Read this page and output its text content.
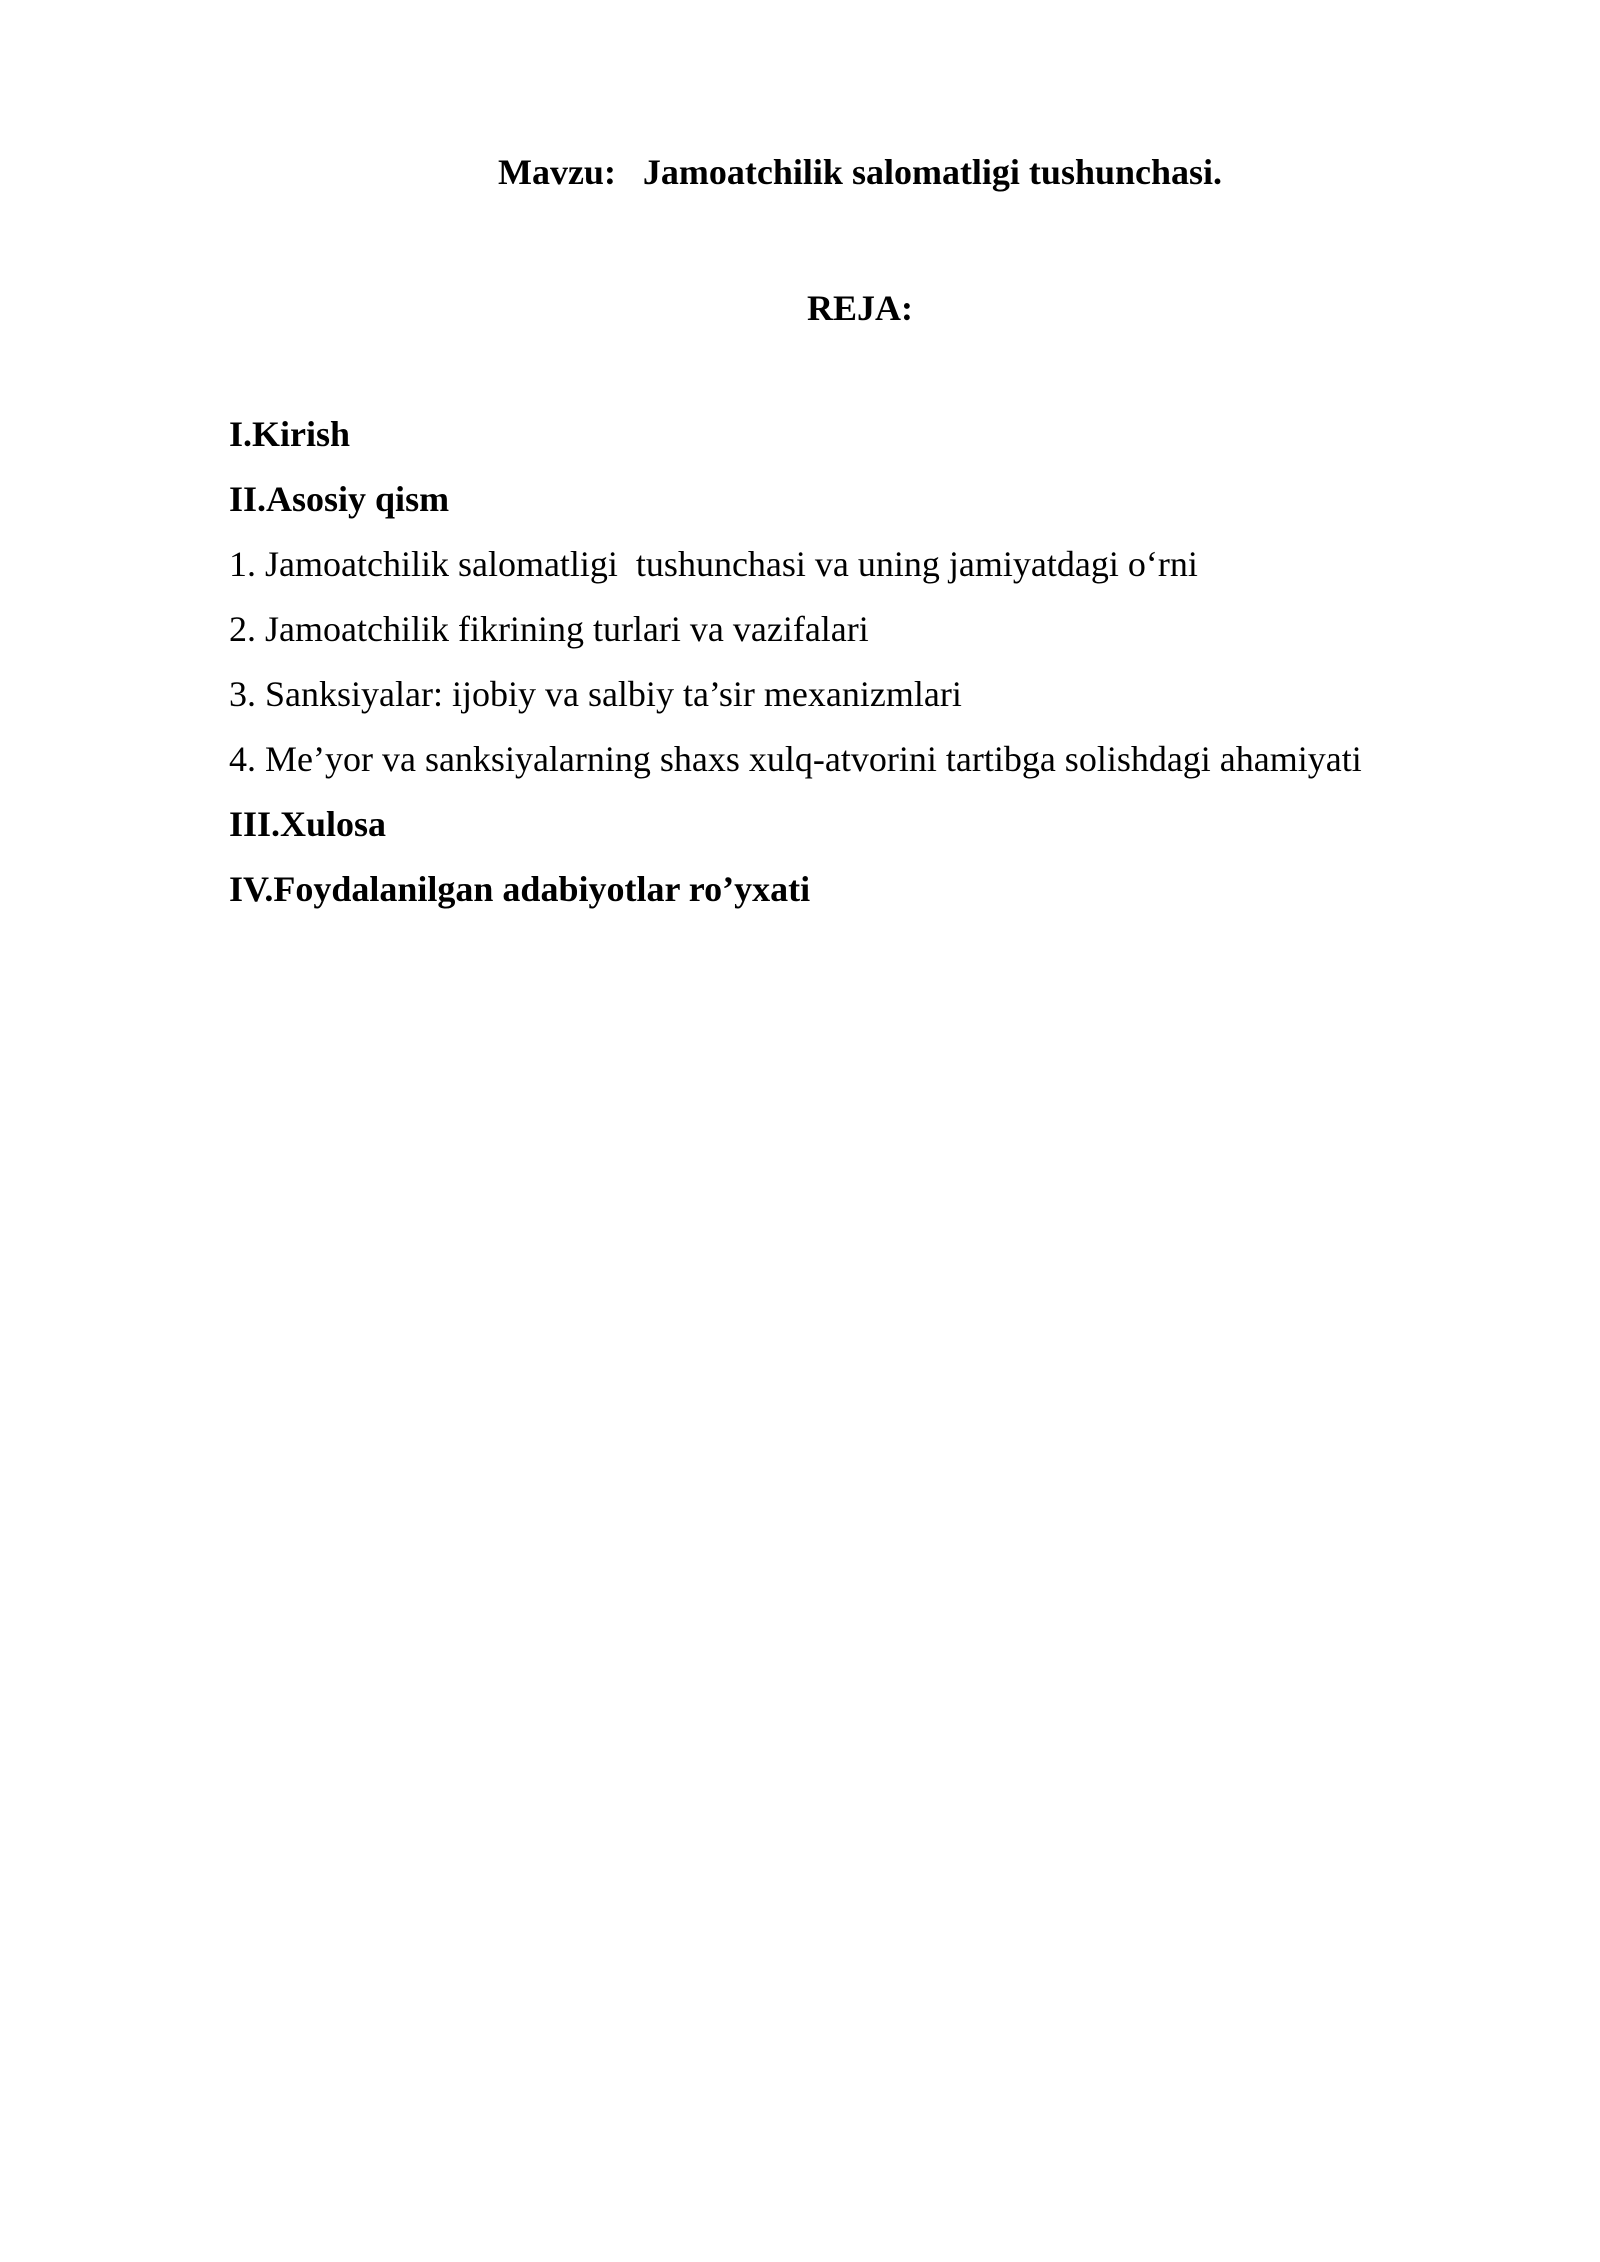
Mavzu:   Jamoatchilik salomatligi tushunchasi.
REJA:
I.Kirish
II.Asosiy qism
1. Jamoatchilik salomatligi  tushunchasi va uning jamiyatdagi o‘rni
2. Jamoatchilik fikrining turlari va vazifalari
3. Sanksiyalar: ijobiy va salbiy ta’sir mexanizmlari
4. Me’yor va sanksiyalarning shaxs xulq-atvorini tartibga solishdagi ahamiyati
III.Xulosa
IV.Foydalanilgan adabiyotlar ro’yxati
